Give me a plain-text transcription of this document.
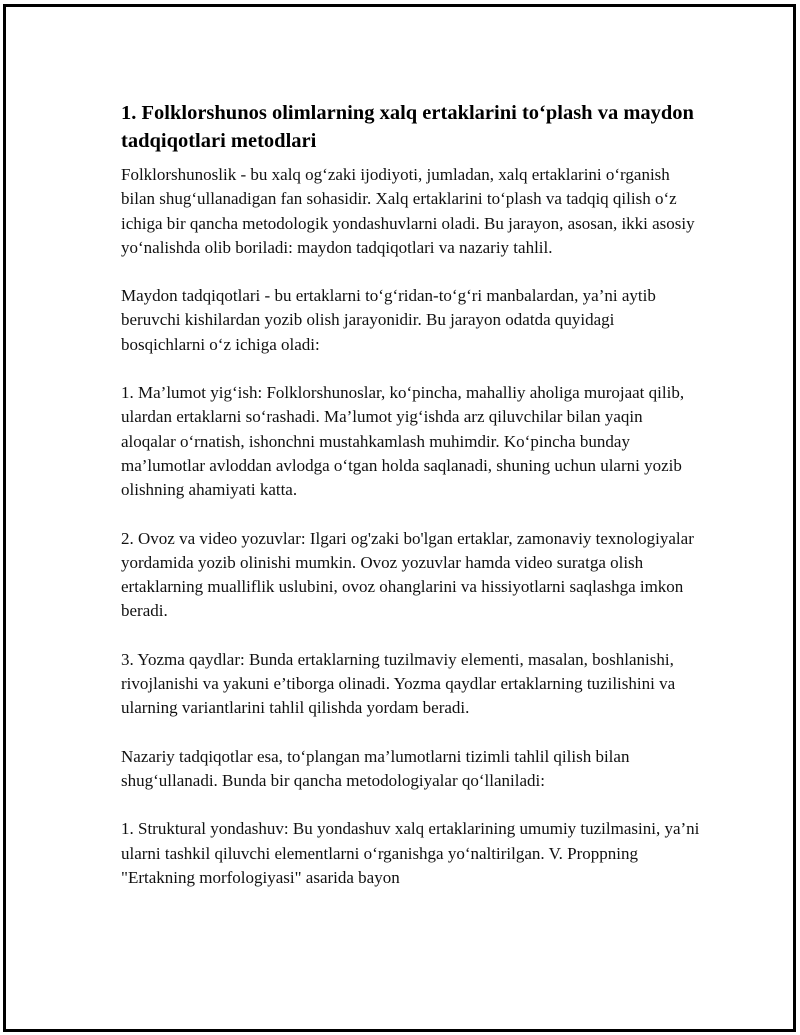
1. Folklorshunos olimlarning xalq ertaklarini to‘plash va maydon tadqiqotlari metodlari

Folklorshunoslik - bu xalq og‘zaki ijodiyoti, jumladan, xalq ertaklarini o‘rganish bilan shug‘ullanadigan fan sohasidir. Xalq ertaklarini to‘plash va tadqiq qilish o‘z ichiga bir qancha metodologik yondashuvlarni oladi. Bu jarayon, asosan, ikki asosiy yo‘nalishda olib boriladi: maydon tadqiqotlari va nazariy tahlil.

Maydon tadqiqotlari - bu ertaklarni to‘g‘ridan-to‘g‘ri manbalardan, ya’ni aytib beruvchi kishilardan yozib olish jarayonidir. Bu jarayon odatda quyidagi bosqichlarni o‘z ichiga oladi:

1. Ma’lumot yig‘ish: Folklorshunoslar, ko‘pincha, mahalliy aholiga murojaat qilib, ulardan ertaklarni so‘rashadi. Ma’lumot yig‘ishda arz qiluvchilar bilan yaqin aloqalar o‘rnatish, ishonchni mustahkamlash muhimdir. Ko‘pincha bunday ma’lumotlar avloddan avlodga o‘tgan holda saqlanadi, shuning uchun ularni yozib olishning ahamiyati katta.

2. Ovoz va video yozuvlar: Ilgari og'zaki bo'lgan ertaklar, zamonaviy texnologiyalar yordamida yozib olinishi mumkin. Ovoz yozuvlar hamda video suratga olish ertaklarning mualliflik uslubini, ovoz ohanglarini va hissiyotlarni saqlashga imkon beradi.

3. Yozma qaydlar: Bunda ertaklarning tuzilmaviy elementi, masalan, boshlanishi, rivojlanishi va yakuni e’tiborga olinadi. Yozma qaydlar ertaklarning tuzilishini va ularning variantlarini tahlil qilishda yordam beradi.

Nazariy tadqiqotlar esa, to‘plangan ma’lumotlarni tizimli tahlil qilish bilan shug‘ullanadi. Bunda bir qancha metodologiyalar qo‘llaniladi:

1. Struktural yondashuv: Bu yondashuv xalq ertaklarining umumiy tuzilmasini, ya’ni ularni tashkil qiluvchi elementlarni o‘rganishga yo‘naltirilgan. V. Proppning "Ertakning morfologiyasi" asarida bayon
